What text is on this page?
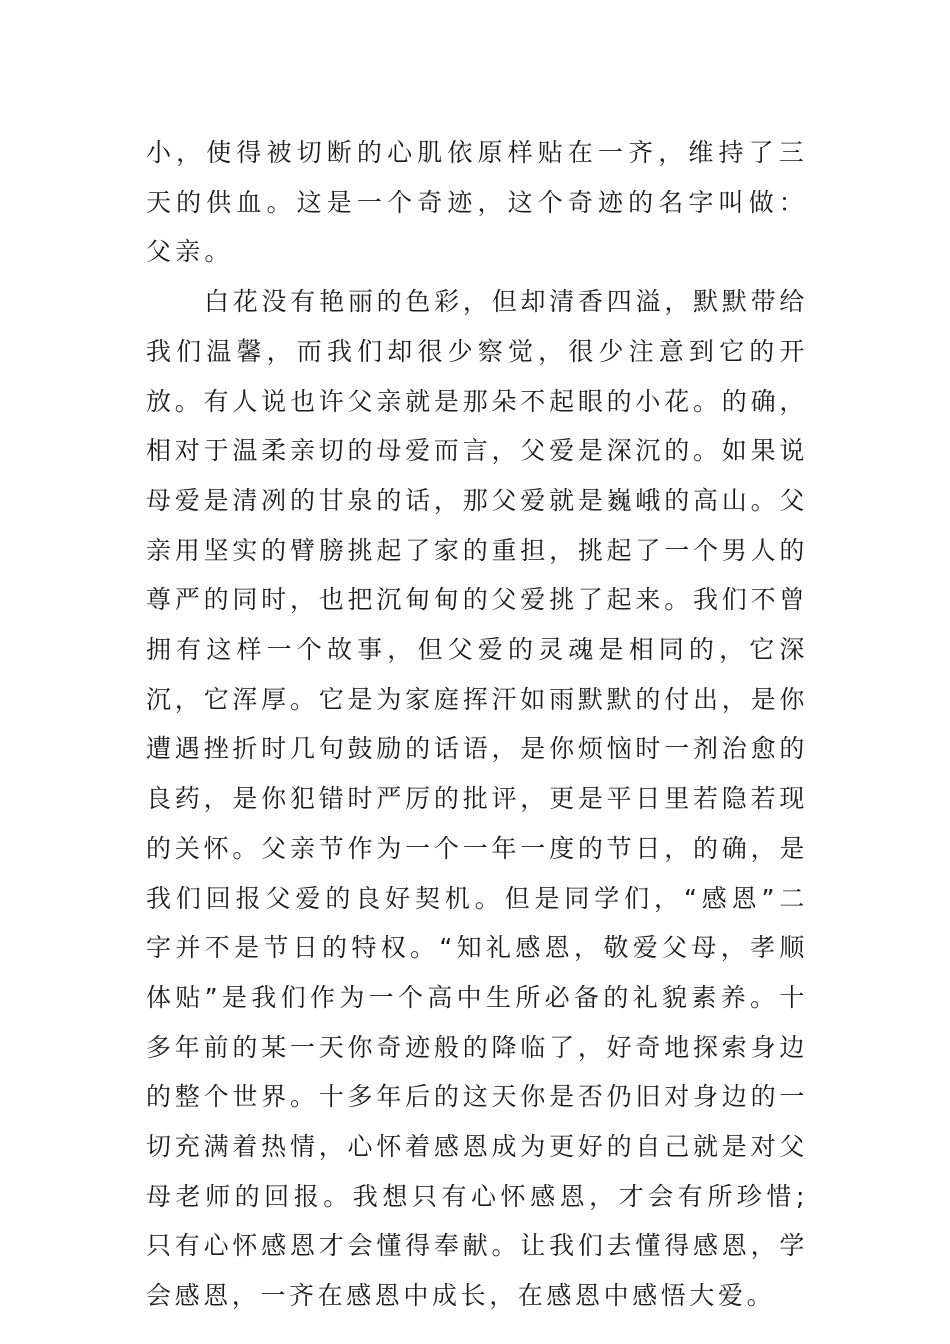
小，使得被切断的心肌依原样贴在一齐，维持了三天的供血。这是一个奇迹，这个奇迹的名字叫做：父亲。

白花没有艳丽的色彩，但却清香四溢，默默带给我们温馨，而我们却很少察觉，很少注意到它的开放。有人说也许父亲就是那朵不起眼的小花。的确，相对于温柔亲切的母爱而言，父爱是深沉的。如果说母爱是清冽的甘泉的话，那父爱就是巍峨的高山。父亲用坚实的臂膀挑起了家的重担，挑起了一个男人的尊严的同时，也把沉甸甸的父爱挑了起来。我们不曾拥有这样一个故事，但父爱的灵魂是相同的，它深沉，它浑厚。它是为家庭挥汗如雨默默的付出，是你遭遇挫折时几句鼓励的话语，是你烦恼时一剂治愈的良药，是你犯错时严厉的批评，更是平日里若隐若现的关怀。父亲节作为一个一年一度的节日，的确，是我们回报父爱的良好契机。但是同学们，“感恩”二字并不是节日的特权。“知礼感恩，敬爱父母，孝顺体贴”是我们作为一个高中生所必备的礼貌素养。十多年前的某一天你奇迹般的降临了，好奇地探索身边的整个世界。十多年后的这天你是否仍旧对身边的一切充满着热情，心怀着感恩成为更好的自己就是对父母老师的回报。我想只有心怀感恩，才会有所珍惜;只有心怀感恩才会懂得奉献。让我们去懂得感恩，学会感恩，一齐在感恩中成长，在感恩中感悟大爱。
